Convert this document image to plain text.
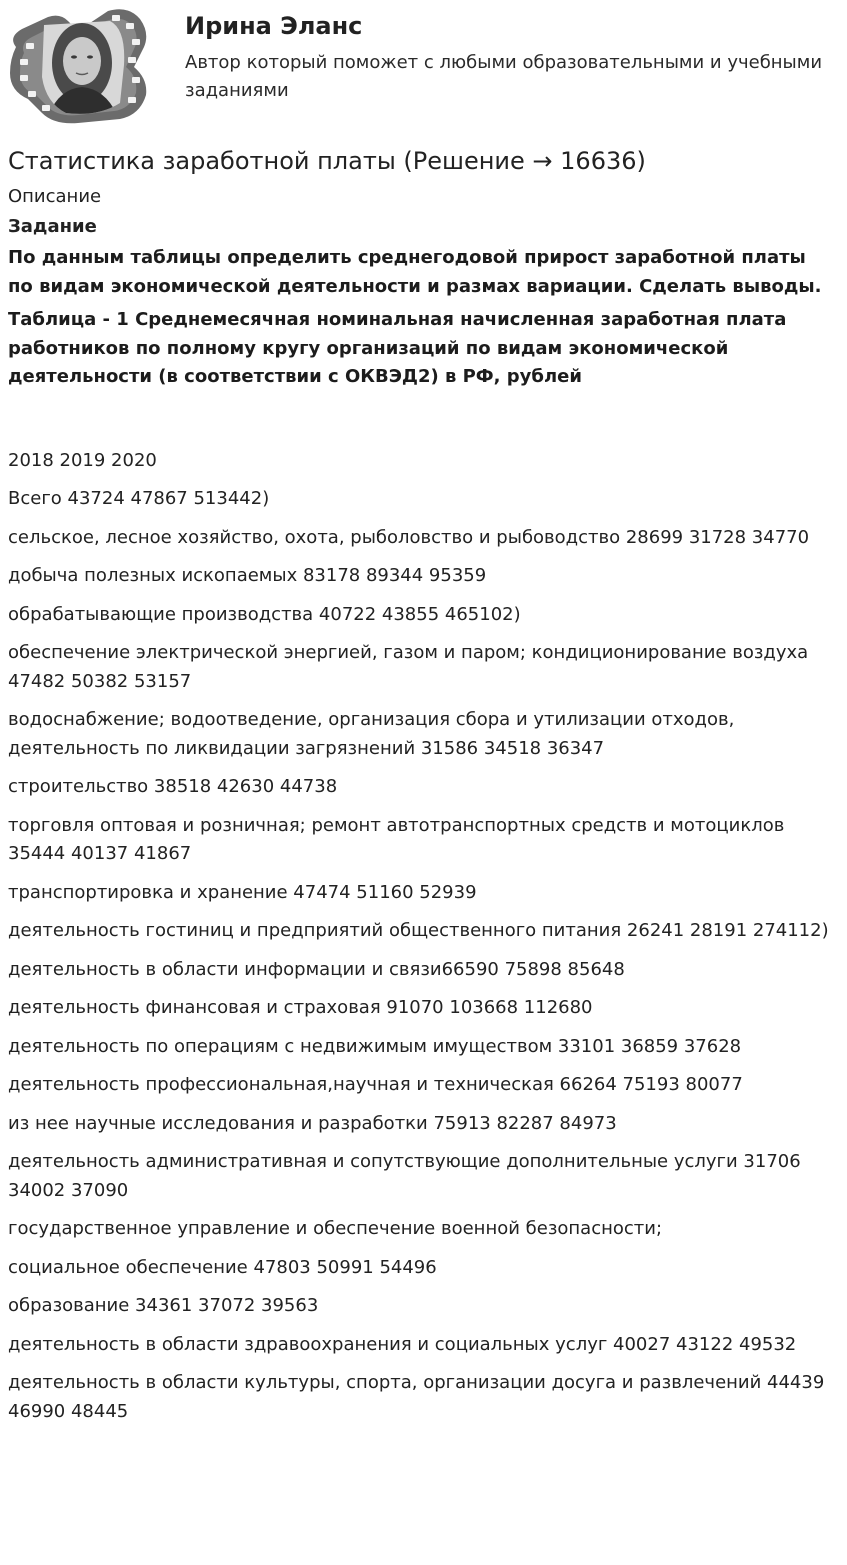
Ирина Эланс
Автор который поможет с любыми образовательными и учебными заданиями
Статистика заработной платы (Решение → 16636)
Описание
Задание
По данным таблицы определить среднегодовой прирост заработной платы по видам экономической деятельности и размах вариации. Сделать выводы.
Таблица - 1 Среднемесячная номинальная начисленная заработная плата работников по полному кругу организаций по видам экономической деятельности (в соответствии с ОКВЭД2) в РФ, рублей
2018 2019 2020
Всего 43724 47867 513442)
сельское, лесное хозяйство, охота, рыболовство и рыбоводство 28699 31728 34770
добыча полезных ископаемых 83178 89344 95359
обрабатывающие производства 40722 43855 465102)
обеспечение электрической энергией, газом и паром; кондиционирование воздуха 47482 50382 53157
водоснабжение; водоотведение, организация сбора и утилизации отходов, деятельность по ликвидации загрязнений 31586 34518 36347
строительство 38518 42630 44738
торговля оптовая и розничная; ремонт автотранспортных средств и мотоциклов 35444 40137 41867
транспортировка и хранение 47474 51160 52939
деятельность гостиниц и предприятий общественного питания 26241 28191 274112)
деятельность в области информации и связи66590 75898 85648
деятельность финансовая и страховая 91070 103668 112680
деятельность по операциям с недвижимым имуществом 33101 36859 37628
деятельность профессиональная,научная и техническая 66264 75193 80077
из нее научные исследования и разработки 75913 82287 84973
деятельность административная и сопутствующие дополнительные услуги 31706 34002 37090
государственное управление и обеспечение военной безопасности;
социальное обеспечение 47803 50991 54496
образование 34361 37072 39563
деятельность в области здравоохранения и социальных услуг 40027 43122 49532
деятельность в области культуры, спорта, организации досуга и развлечений 44439 46990 48445
